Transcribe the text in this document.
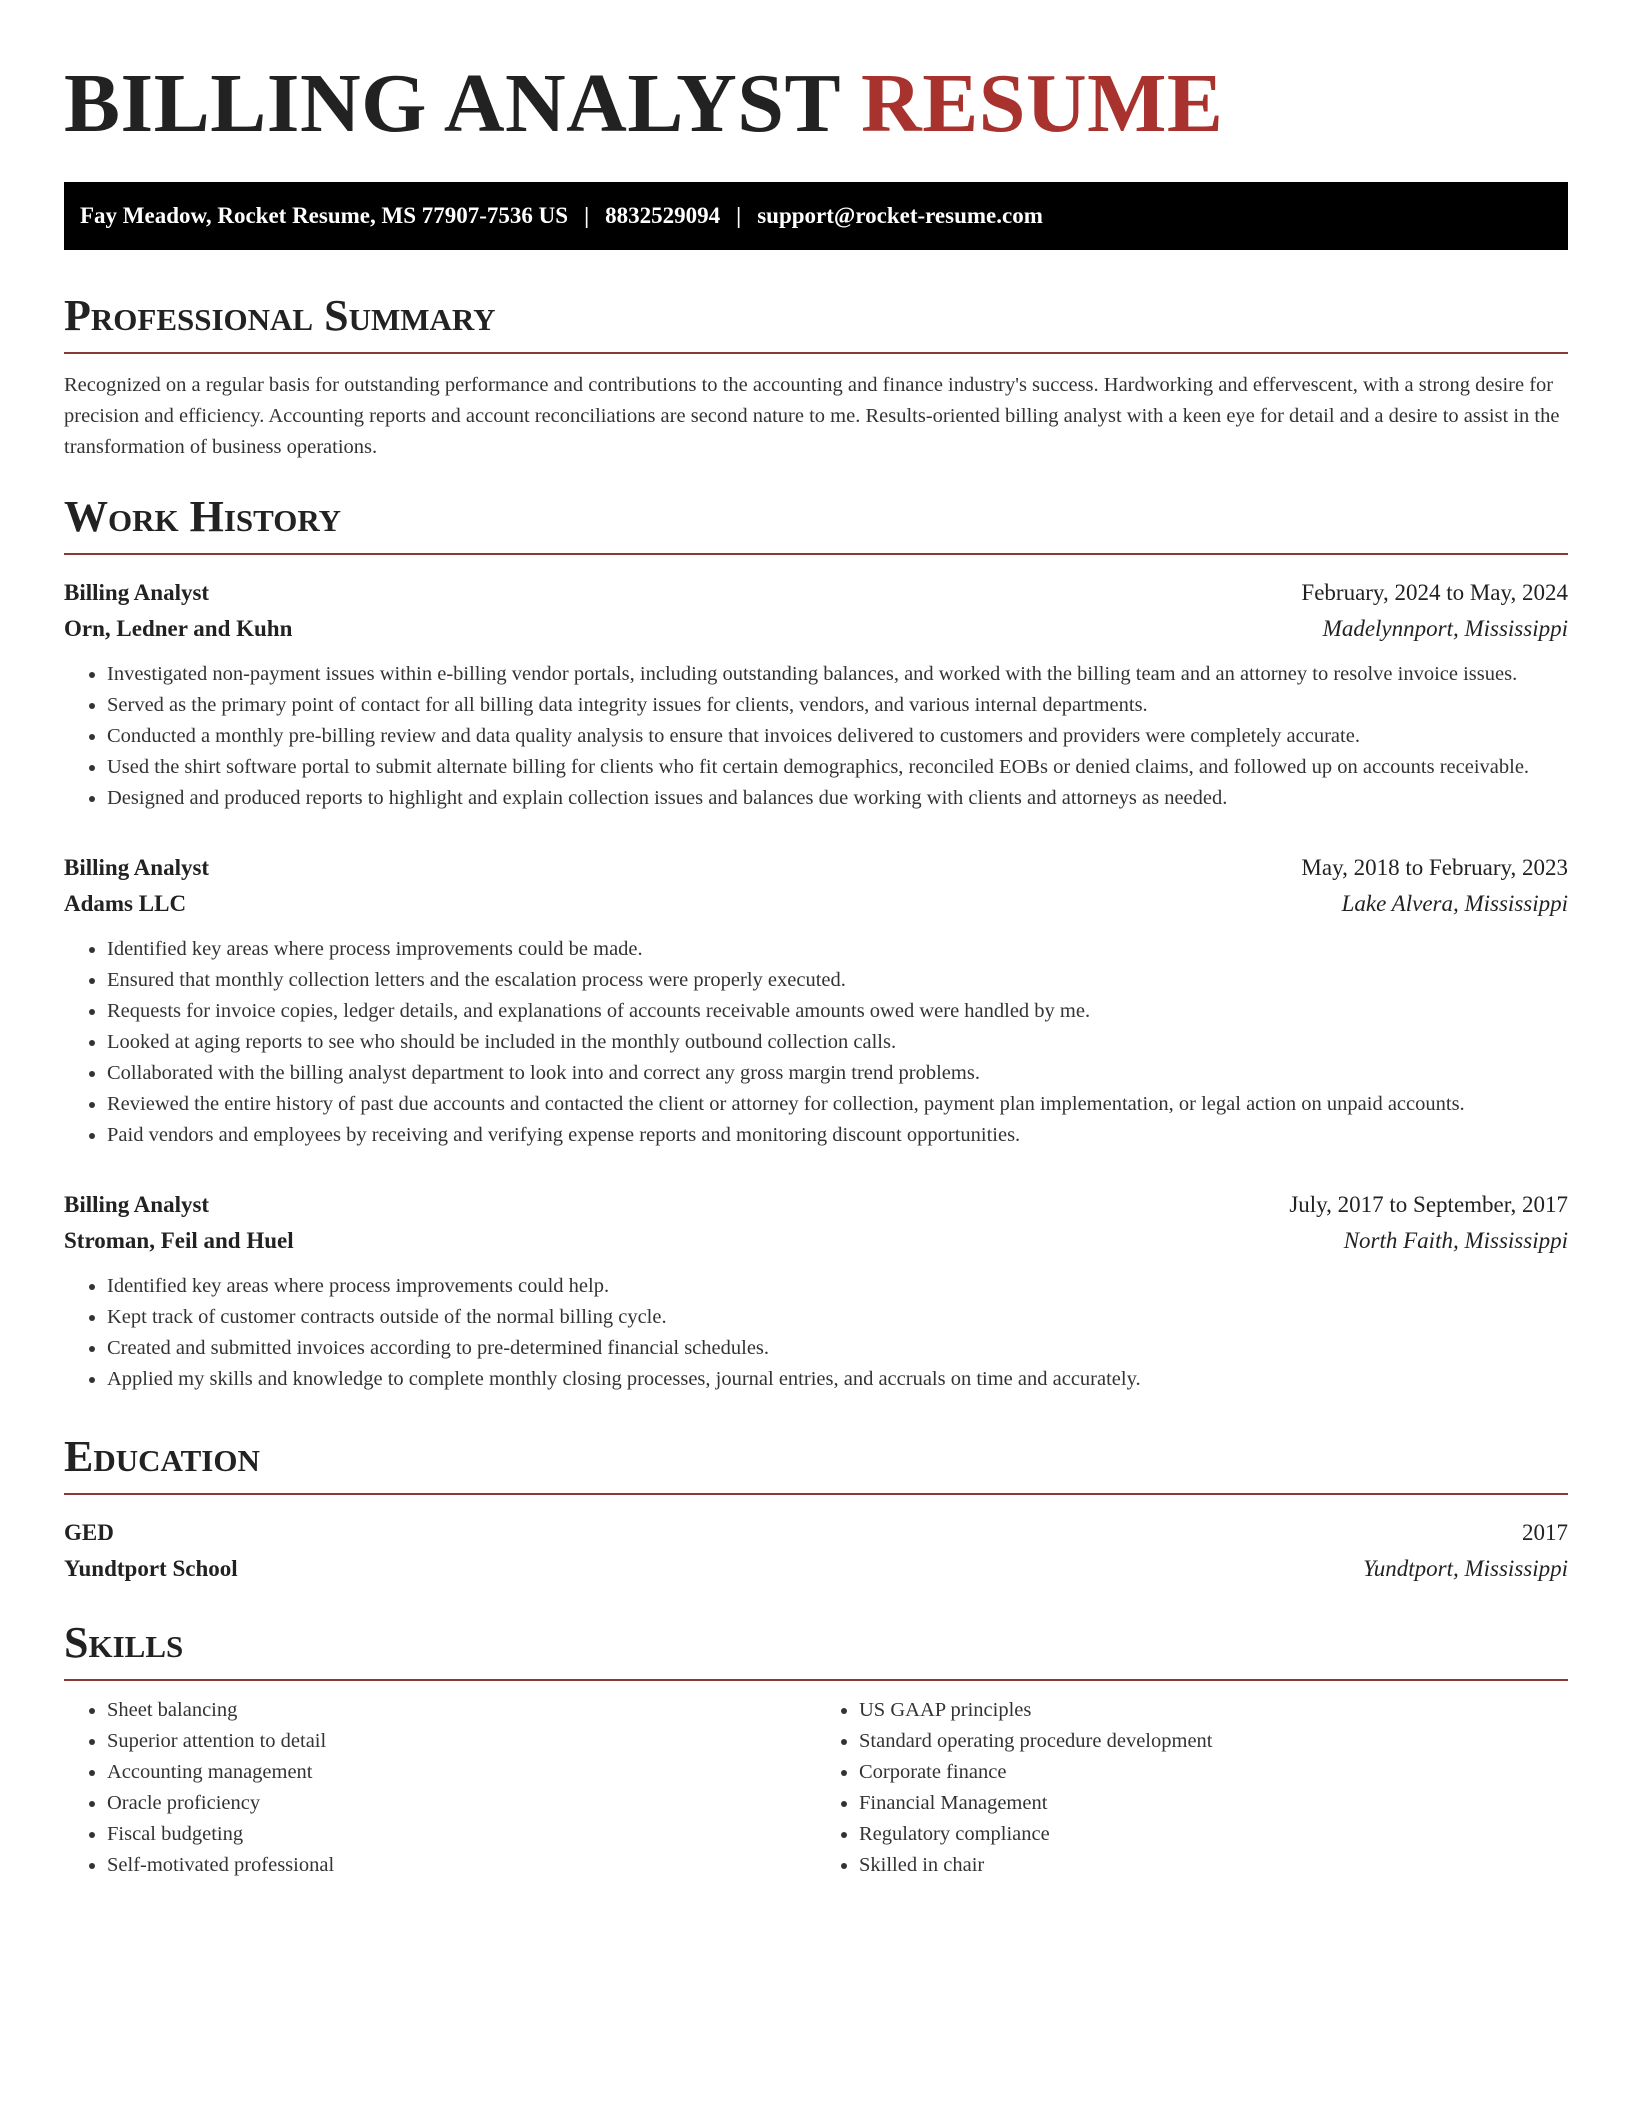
BILLING ANALYST RESUME
Fay Meadow, Rocket Resume, MS 77907-7536 US | 8832529094 | support@rocket-resume.com
Professional Summary

Recognized on a regular basis for outstanding performance and contributions to the accounting and finance industry's success. Hardworking and effervescent, with a strong desire for precision and efficiency. Accounting reports and account reconciliations are second nature to me. Results-oriented billing analyst with a keen eye for detail and a desire to assist in the transformation of business operations.

Work History
Billing Analyst	February, 2024 to May, 2024
Orn, Ledner and Kuhn	Madelynnport, Mississippi
• Investigated non-payment issues within e-billing vendor portals, including outstanding balances, and worked with the billing team and an attorney to resolve invoice issues.
• Served as the primary point of contact for all billing data integrity issues for clients, vendors, and various internal departments.
• Conducted a monthly pre-billing review and data quality analysis to ensure that invoices delivered to customers and providers were completely accurate.
• Used the shirt software portal to submit alternate billing for clients who fit certain demographics, reconciled EOBs or denied claims, and followed up on accounts receivable.
• Designed and produced reports to highlight and explain collection issues and balances due working with clients and attorneys as needed.
Billing Analyst	May, 2018 to February, 2023
Adams LLC	Lake Alvera, Mississippi
• Identified key areas where process improvements could be made.
• Ensured that monthly collection letters and the escalation process were properly executed.
• Requests for invoice copies, ledger details, and explanations of accounts receivable amounts owed were handled by me.
• Looked at aging reports to see who should be included in the monthly outbound collection calls.
• Collaborated with the billing analyst department to look into and correct any gross margin trend problems.
• Reviewed the entire history of past due accounts and contacted the client or attorney for collection, payment plan implementation, or legal action on unpaid accounts.
• Paid vendors and employees by receiving and verifying expense reports and monitoring discount opportunities.
Billing Analyst	July, 2017 to September, 2017
Stroman, Feil and Huel	North Faith, Mississippi
• Identified key areas where process improvements could help.
• Kept track of customer contracts outside of the normal billing cycle.
• Created and submitted invoices according to pre-determined financial schedules.
• Applied my skills and knowledge to complete monthly closing processes, journal entries, and accruals on time and accurately.
Education
GED	2017
Yundtport School	Yundtport, Mississippi
Skills
• Sheet balancing
• Superior attention to detail
• Accounting management
• Oracle proficiency
• Fiscal budgeting
• Self-motivated professional
• US GAAP principles
• Standard operating procedure development
• Corporate finance
• Financial Management
• Regulatory compliance
• Skilled in chair
